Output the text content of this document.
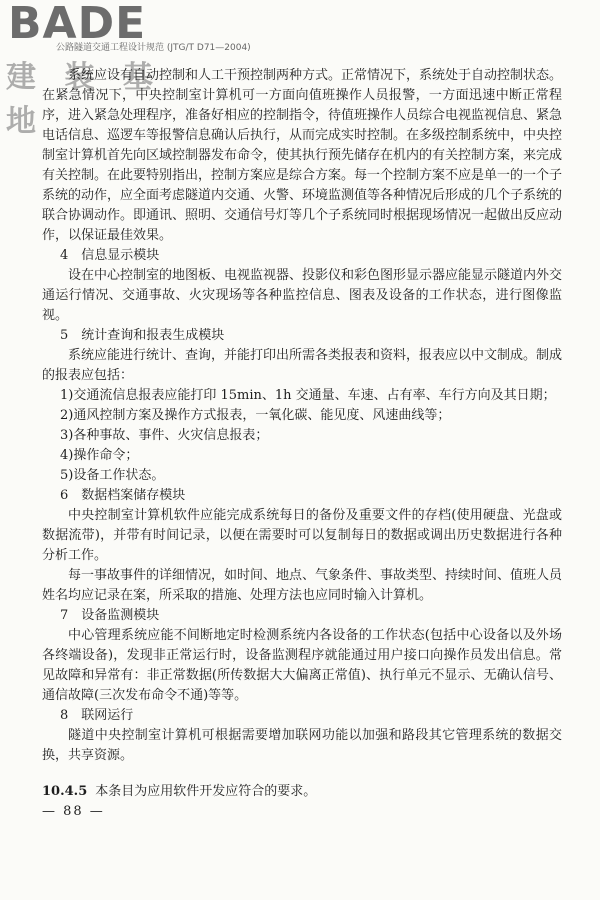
BADE
公路隧道交通工程设计规范 (JTG/T D71—2004)
建 装 基 地

系统应设有自动控制和人工干预控制两种方式。正常情况下，系统处于自动控制状态。在紧急情况下，中央控制室计算机可一方面向值班操作人员报警，一方面迅速中断正常程序，进入紧急处理程序，准备好相应的控制指令，待值班操作人员综合电视监视信息、紧急电话信息、巡逻车等报警信息确认后执行，从而完成实时控制。在多级控制系统中，中央控制室计算机首先向区域控制器发布命令，使其执行预先储存在机内的有关控制方案，来完成有关控制。在此要特别指出，控制方案应是综合方案。每一个控制方案不应是单一的一个子系统的动作，应全面考虑隧道内交通、火警、环境监测值等各种情况后形成的几个子系统的联合协调动作。即通讯、照明、交通信号灯等几个子系统同时根据现场情况一起做出反应动作，以保证最佳效果。

4　信息显示模块

设在中心控制室的地图板、电视监视器、投影仪和彩色图形显示器应能显示隧道内外交通运行情况、交通事故、火灾现场等各种监控信息、图表及设备的工作状态，进行图像监视。

5　统计查询和报表生成模块

系统应能进行统计、查询，并能打印出所需各类报表和资料，报表应以中文制成。制成的报表应包括：

1)交通流信息报表应能打印 15min、1h 交通量、车速、占有率、车行方向及其日期；

2)通风控制方案及操作方式报表，一氧化碳、能见度、风速曲线等；

3)各种事故、事件、火灾信息报表；

4)操作命令；

5)设备工作状态。

6　数据档案储存模块

中央控制室计算机软件应能完成系统每日的备份及重要文件的存档(使用硬盘、光盘或数据流带)，并带有时间记录，以便在需要时可以复制每日的数据或调出历史数据进行各种分析工作。

每一事故事件的详细情况，如时间、地点、气象条件、事故类型、持续时间、值班人员姓名均应记录在案，所采取的措施、处理方法也应同时输入计算机。

7　设备监测模块

中心管理系统应能不间断地定时检测系统内各设备的工作状态(包括中心设备以及外场各终端设备)，发现非正常运行时，设备监测程序就能通过用户接口向操作员发出信息。常见故障和异常有：非正常数据(所传数据大大偏离正常值)、执行单元不显示、无确认信号、通信故障(三次发布命令不通)等等。

8　联网运行

隧道中央控制室计算机可根据需要增加联网功能以加强和路段其它管理系统的数据交换，共享资源。

10.4.5 本条目为应用软件开发应符合的要求。

— 88 —
